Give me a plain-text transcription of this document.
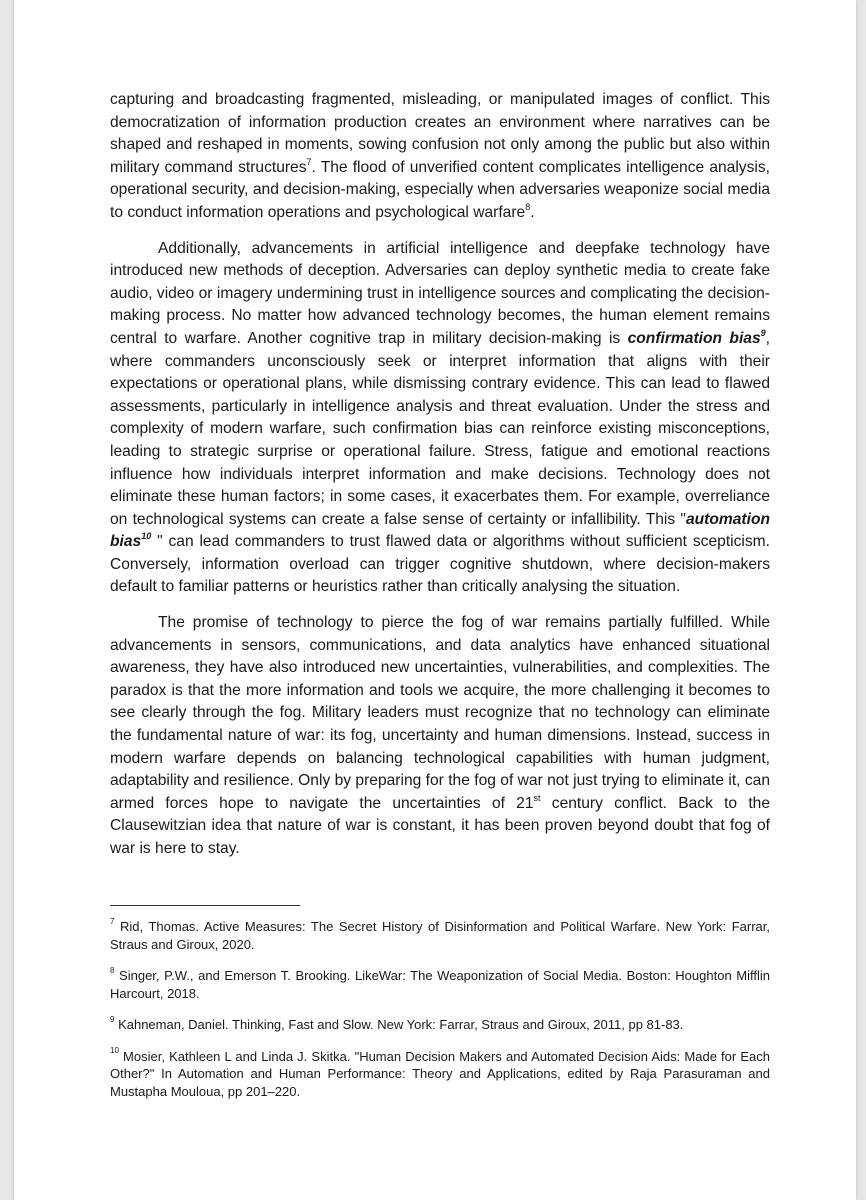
capturing and broadcasting fragmented, misleading, or manipulated images of conflict. This democratization of information production creates an environment where narratives can be shaped and reshaped in moments, sowing confusion not only among the public but also within military command structures$^7$. The flood of unverified content complicates intelligence analysis, operational security, and decision-making, especially when adversaries weaponize social media to conduct information operations and psychological warfare$^8$.

Additionally, advancements in artificial intelligence and deepfake technology have introduced new methods of deception. Adversaries can deploy synthetic media to create fake audio, video or imagery undermining trust in intelligence sources and complicating the decision-making process. No matter how advanced technology becomes, the human element remains central to warfare. Another cognitive trap in military decision-making is confirmation bias$^9$, where commanders unconsciously seek or interpret information that aligns with their expectations or operational plans, while dismissing contrary evidence. This can lead to flawed assessments, particularly in intelligence analysis and threat evaluation. Under the stress and complexity of modern warfare, such confirmation bias can reinforce existing misconceptions, leading to strategic surprise or operational failure. Stress, fatigue and emotional reactions influence how individuals interpret information and make decisions. Technology does not eliminate these human factors; in some cases, it exacerbates them. For example, overreliance on technological systems can create a false sense of certainty or infallibility. This "automation bias$^{10}$ " can lead commanders to trust flawed data or algorithms without sufficient scepticism. Conversely, information overload can trigger cognitive shutdown, where decision-makers default to familiar patterns or heuristics rather than critically analysing the situation.

The promise of technology to pierce the fog of war remains partially fulfilled. While advancements in sensors, communications, and data analytics have enhanced situational awareness, they have also introduced new uncertainties, vulnerabilities, and complexities. The paradox is that the more information and tools we acquire, the more challenging it becomes to see clearly through the fog. Military leaders must recognize that no technology can eliminate the fundamental nature of war: its fog, uncertainty and human dimensions. Instead, success in modern warfare depends on balancing technological capabilities with human judgment, adaptability and resilience. Only by preparing for the fog of war not just trying to eliminate it, can armed forces hope to navigate the uncertainties of 21st century conflict. Back to the Clausewitzian idea that nature of war is constant, it has been proven beyond doubt that fog of war is here to stay.

$^7$ Rid, Thomas. Active Measures: The Secret History of Disinformation and Political Warfare. New York: Farrar, Straus and Giroux, 2020.

$^8$ Singer, P.W., and Emerson T. Brooking. LikeWar: The Weaponization of Social Media. Boston: Houghton Mifflin Harcourt, 2018.

$^9$ Kahneman, Daniel. Thinking, Fast and Slow. New York: Farrar, Straus and Giroux, 2011, pp 81-83.

$^{10}$ Mosier, Kathleen L and Linda J. Skitka. "Human Decision Makers and Automated Decision Aids: Made for Each Other?" In Automation and Human Performance: Theory and Applications, edited by Raja Parasuraman and Mustapha Mouloua, pp 201–220.
